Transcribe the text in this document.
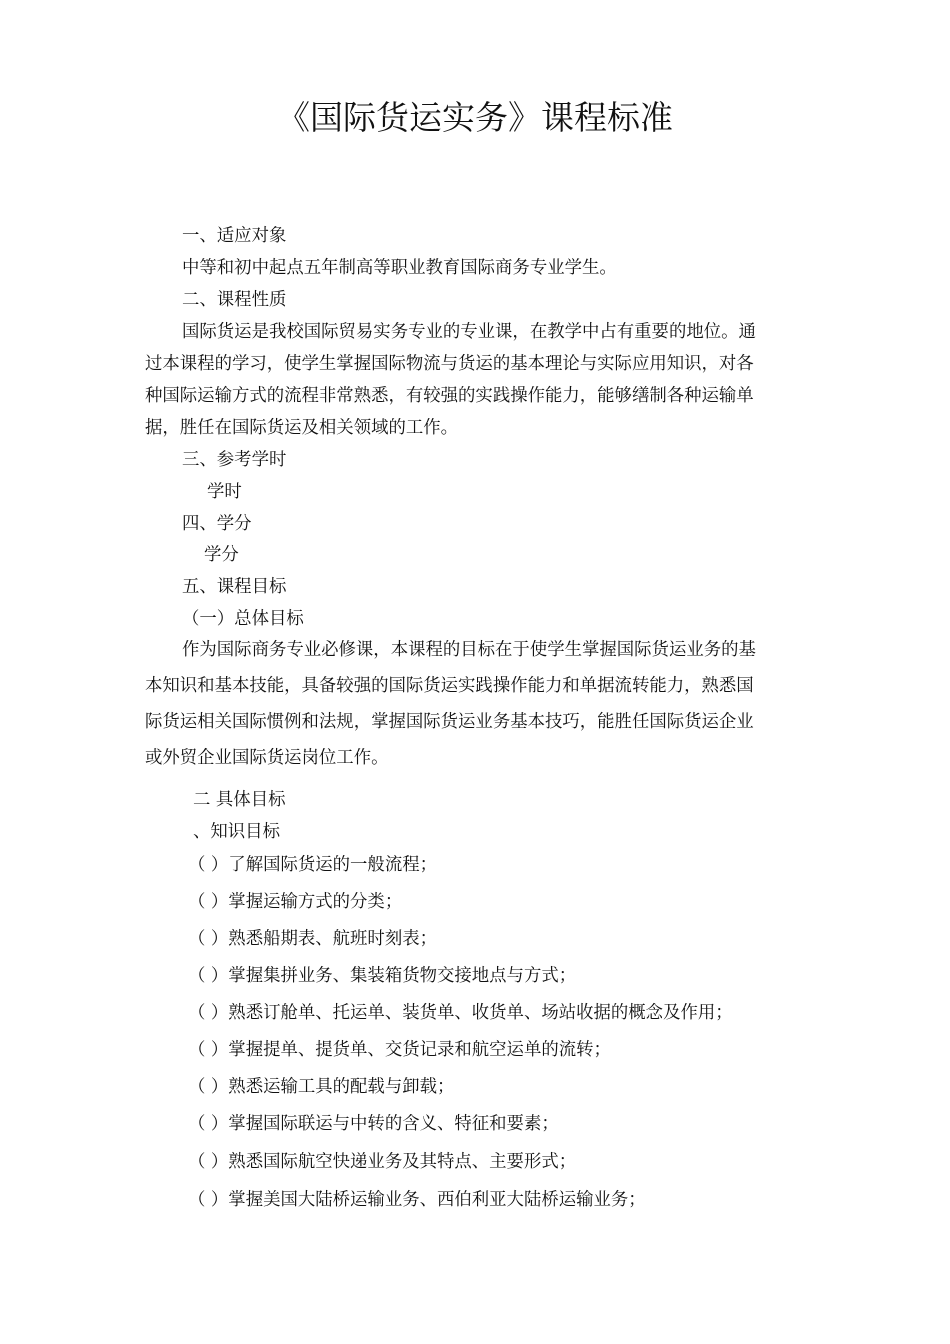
《国际货运实务》课程标准
一、适应对象
中等和初中起点五年制高等职业教育国际商务专业学生。
二、课程性质
国际货运是我校国际贸易实务专业的专业课，在教学中占有重要的地位。通
过本课程的学习，使学生掌握国际物流与货运的基本理论与实际应用知识，对各
种国际运输方式的流程非常熟悉，有较强的实践操作能力，能够缮制各种运输单
据，胜任在国际货运及相关领域的工作。
三、参考学时
学时
四、学分
学分
五、课程目标
（一）总体目标
作为国际商务专业必修课，本课程的目标在于使学生掌握国际货运业务的基
本知识和基本技能，具备较强的国际货运实践操作能力和单据流转能力，熟悉国
际货运相关国际惯例和法规，掌握国际货运业务基本技巧，能胜任国际货运企业
或外贸企业国际货运岗位工作。
二 具体目标
、知识目标
（ ）了解国际货运的一般流程；
（ ）掌握运输方式的分类；
（ ）熟悉船期表、航班时刻表；
（ ）掌握集拼业务、集装箱货物交接地点与方式；
（ ）熟悉订舱单、托运单、装货单、收货单、场站收据的概念及作用；
（ ）掌握提单、提货单、交货记录和航空运单的流转；
（ ）熟悉运输工具的配载与卸载；
（ ）掌握国际联运与中转的含义、特征和要素；
（ ）熟悉国际航空快递业务及其特点、主要形式；
（ ）掌握美国大陆桥运输业务、西伯利亚大陆桥运输业务；
